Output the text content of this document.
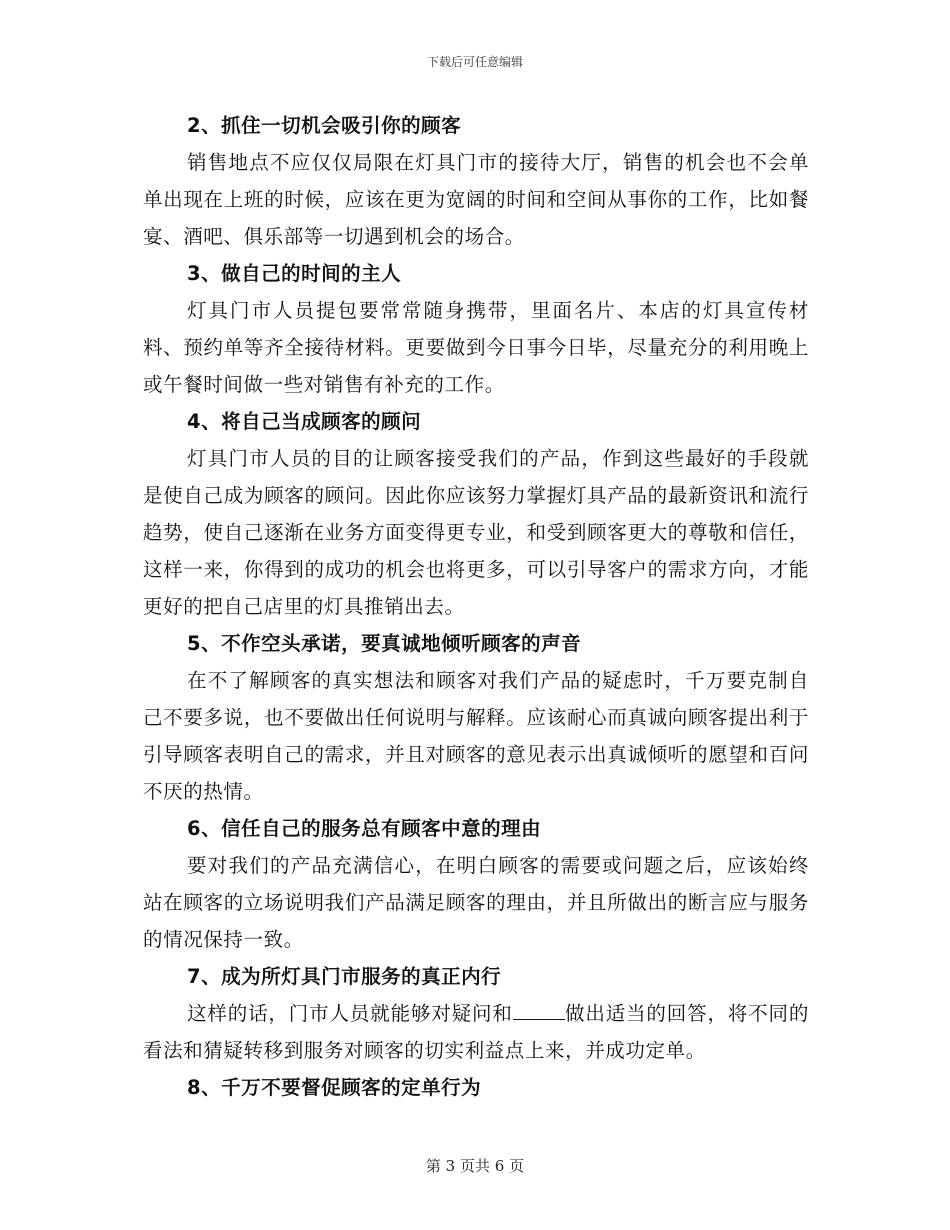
下载后可任意编辑
2、抓住一切机会吸引你的顾客

销售地点不应仅仅局限在灯具门市的接待大厅，销售的机会也不会单单出现在上班的时候，应该在更为宽阔的时间和空间从事你的工作，比如餐宴、酒吧、俱乐部等一切遇到机会的场合。

3、做自己的时间的主人

灯具门市人员提包要常常随身携带，里面名片、本店的灯具宣传材料、预约单等齐全接待材料。更要做到今日事今日毕，尽量充分的利用晚上或午餐时间做一些对销售有补充的工作。

4、将自己当成顾客的顾问

灯具门市人员的目的让顾客接受我们的产品，作到这些最好的手段就是使自己成为顾客的顾问。因此你应该努力掌握灯具产品的最新资讯和流行趋势，使自己逐渐在业务方面变得更专业，和受到顾客更大的尊敬和信任，这样一来，你得到的成功的机会也将更多，可以引导客户的需求方向，才能更好的把自己店里的灯具推销出去。

5、不作空头承诺，要真诚地倾听顾客的声音

在不了解顾客的真实想法和顾客对我们产品的疑虑时，千万要克制自己不要多说，也不要做出任何说明与解释。应该耐心而真诚向顾客提出利于引导顾客表明自己的需求，并且对顾客的意见表示出真诚倾听的愿望和百问不厌的热情。

6、信任自己的服务总有顾客中意的理由

要对我们的产品充满信心，在明白顾客的需要或问题之后，应该始终站在顾客的立场说明我们产品满足顾客的理由，并且所做出的断言应与服务的情况保持一致。

7、成为所灯具门市服务的真正内行

这样的话，门市人员就能够对疑问和	做出适当的回答，将不同的看法和猜疑转移到服务对顾客的切实利益点上来，并成功定单。

8、千万不要督促顾客的定单行为
第 3 页共 6 页
